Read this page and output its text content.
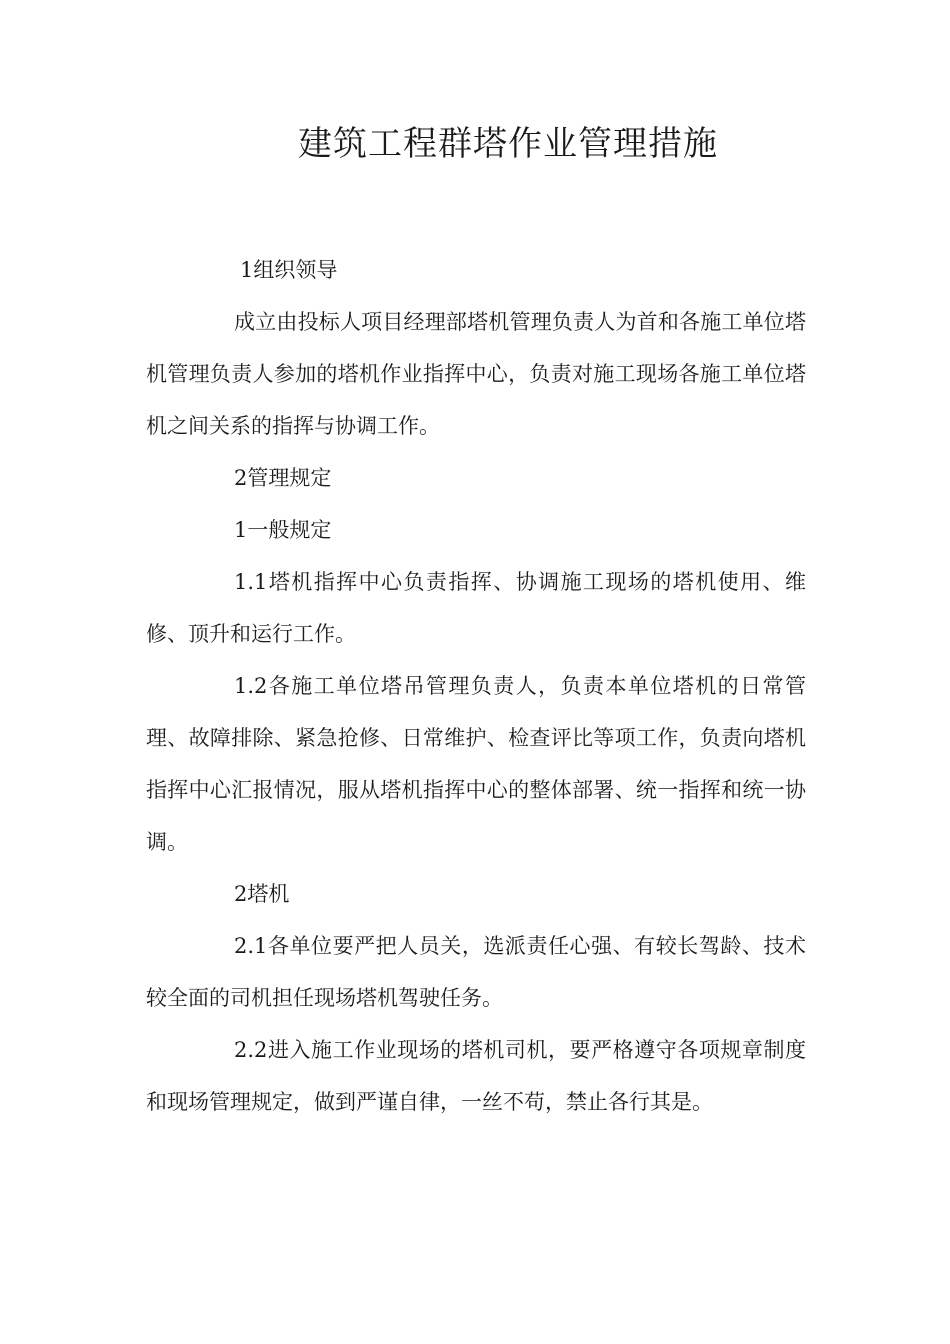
建筑工程群塔作业管理措施

1组织领导

成立由投标人项目经理部塔机管理负责人为首和各施工单位塔机管理负责人参加的塔机作业指挥中心，负责对施工现场各施工单位塔机之间关系的指挥与协调工作。

2管理规定

1一般规定

1.1塔机指挥中心负责指挥、协调施工现场的塔机使用、维修、顶升和运行工作。

1.2各施工单位塔吊管理负责人，负责本单位塔机的日常管理、故障排除、紧急抢修、日常维护、检查评比等项工作，负责向塔机指挥中心汇报情况，服从塔机指挥中心的整体部署、统一指挥和统一协调。

2塔机

2.1各单位要严把人员关，选派责任心强、有较长驾龄、技术较全面的司机担任现场塔机驾驶任务。

2.2进入施工作业现场的塔机司机，要严格遵守各项规章制度和现场管理规定，做到严谨自律，一丝不苟，禁止各行其是。
